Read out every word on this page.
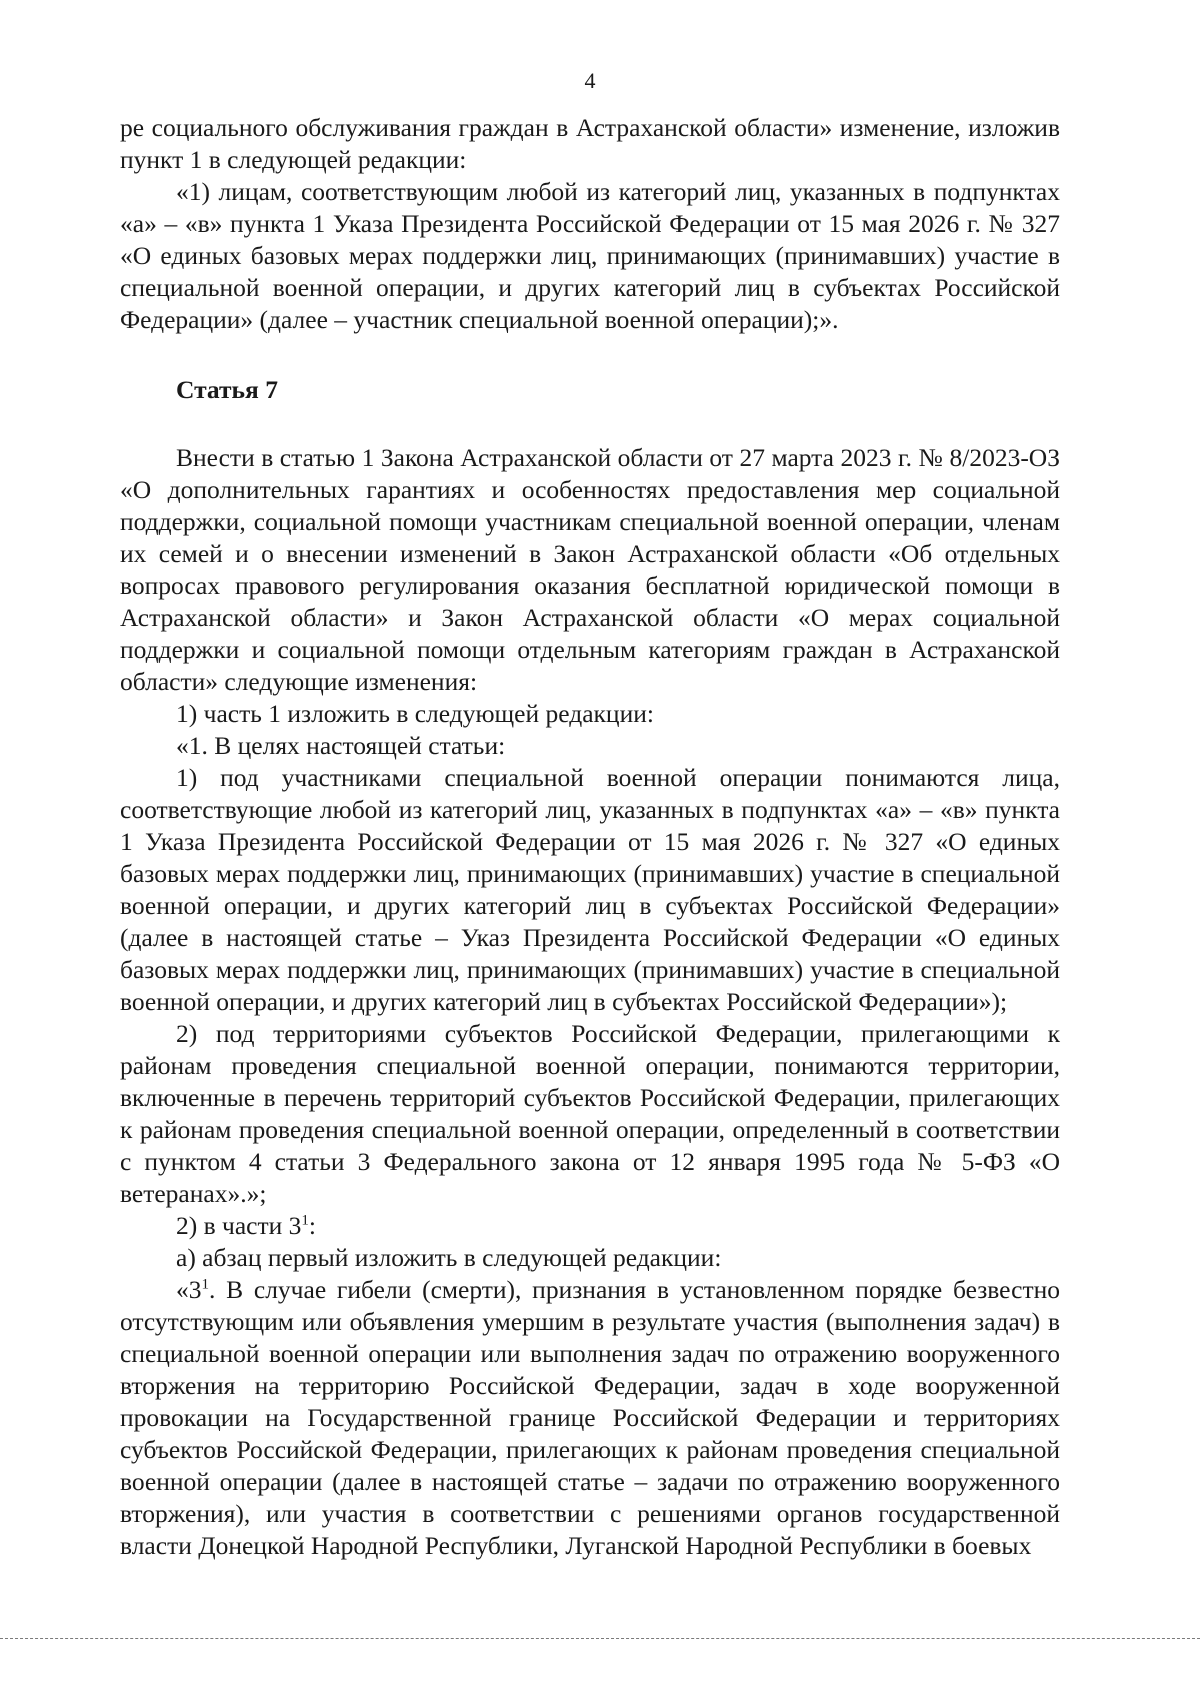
4

ре социального обслуживания граждан в Астраханской области» изменение, изложив пункт 1 в следующей редакции:

«1) лицам, соответствующим любой из категорий лиц, указанных в подпунктах «а» – «в» пункта 1 Указа Президента Российской Федерации от 15 мая 2026 г. № 327 «О единых базовых мерах поддержки лиц, принимающих (принимавших) участие в специальной военной операции, и других категорий лиц в субъектах Российской Федерации» (далее – участник специальной военной операции);».

Статья 7

Внести в статью 1 Закона Астраханской области от 27 марта 2023 г. № 8/2023-ОЗ «О дополнительных гарантиях и особенностях предоставления мер социальной поддержки, социальной помощи участникам специальной военной операции, членам их семей и о внесении изменений в Закон Астраханской области «Об отдельных вопросах правового регулирования оказания бесплатной юридической помощи в Астраханской области» и Закон Астраханской области «О мерах социальной поддержки и социальной помощи отдельным категориям граждан в Астраханской области» следующие изменения:

1) часть 1 изложить в следующей редакции:

«1. В целях настоящей статьи:

1) под участниками специальной военной операции понимаются лица, соответствующие любой из категорий лиц, указанных в подпунктах «а» – «в» пункта 1 Указа Президента Российской Федерации от 15 мая 2026 г. № 327 «О единых базовых мерах поддержки лиц, принимающих (принимавших) участие в специальной военной операции, и других категорий лиц в субъектах Российской Федерации» (далее в настоящей статье – Указ Президента Российской Федерации «О единых базовых мерах поддержки лиц, принимающих (принимавших) участие в специальной военной операции, и других категорий лиц в субъектах Российской Федерации»);

2) под территориями субъектов Российской Федерации, прилегающими к районам проведения специальной военной операции, понимаются территории, включенные в перечень территорий субъектов Российской Федерации, прилегающих к районам проведения специальной военной операции, определенный в соответствии с пунктом 4 статьи 3 Федерального закона от 12 января 1995 года № 5-ФЗ «О ветеранах».»;

2) в части $3^1$:

а) абзац первый изложить в следующей редакции:

«$3^1$. В случае гибели (смерти), признания в установленном порядке безвестно отсутствующим или объявления умершим в результате участия (выполнения задач) в специальной военной операции или выполнения задач по отражению вооруженного вторжения на территорию Российской Федерации, задач в ходе вооруженной провокации на Государственной границе Российской Федерации и территориях субъектов Российской Федерации, прилегающих к районам проведения специальной военной операции (далее в настоящей статье – задачи по отражению вооруженного вторжения), или участия в соответствии с решениями органов государственной власти Донецкой Народной Республики, Луганской Народной Республики в боевых
